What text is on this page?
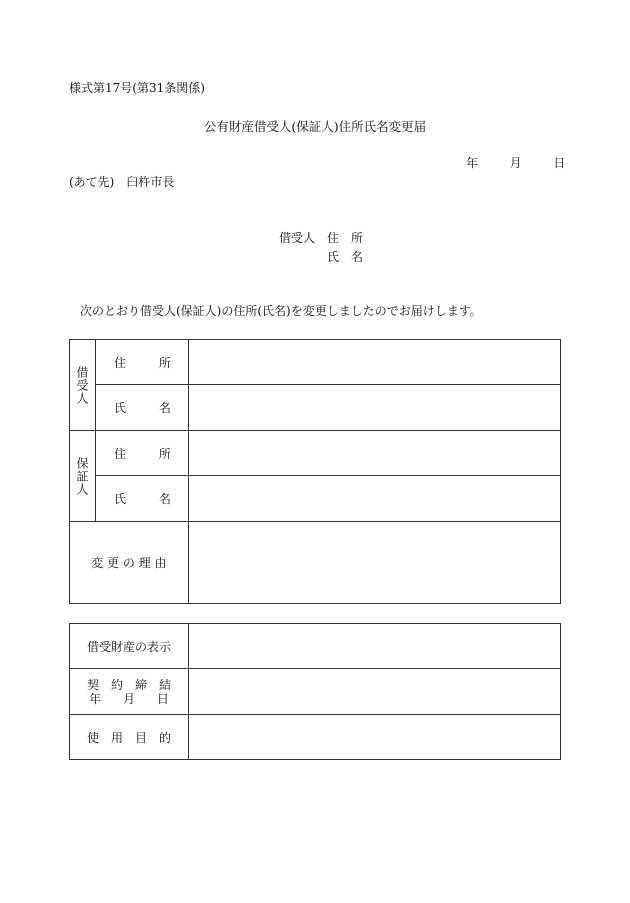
様式第17号(第31条関係)
公有財産借受人(保証人)住所氏名変更届
年	月	日
(あて先)　臼杵市長
借受人 住　所
氏　名
次のとおり借受人(保証人)の住所(氏名)を変更しましたのでお届けします。
借受人	住 所	

	氏 名	

保証人	住 所	

	氏 名	

変 更 の 理 由		
借受財産の表示	

契　約　締　結
年 月 日	

使　用　目　的	
